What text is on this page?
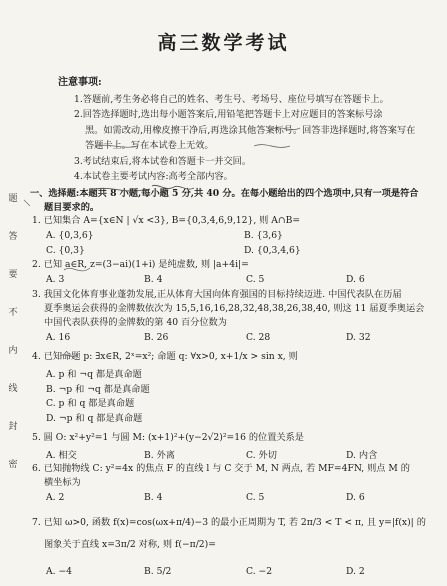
题
答
要
不
内
线
封
密
高三数学考试
注意事项:

1.答题前,考生务必将自己的姓名、考生号、考场号、座位号填写在答题卡上。

2.回答选择题时,选出每小题答案后,用铅笔把答题卡上对应题目的答案标号涂

黑。如需改动,用橡皮擦干净后,再选涂其他答案标号。回答非选择题时,将答案写在

答题卡上。写在本试卷上无效。

3.考试结束后,将本试卷和答题卡一并交回。

4.本试卷主要考试内容:高考全部内容。

一、选择题:本题共 8 小题,每小题 5 分,共 40 分。在每小题给出的四个选项中,只有一项是符合
题目要求的。
1. 已知集合 A={x∈N | √x <3}, B={0,3,4,6,9,12}, 则 A∩B=
A. {0,3,6}	B. {3,6}
C. {0,3}	D. {0,3,4,6}
2. 已知 a∈R, z=(3−ai)(1+i) 是纯虚数, 则 |a+4i|=
A. 3	B. 4	C. 5	D. 6
3. 我国文化体育事业蓬勃发展,正从体育大国向体育强国的目标持续迈进. 中国代表队在历届
夏季奥运会获得的金牌数依次为 15,5,16,16,28,32,48,38,26,38,40, 则这 11 届夏季奥运会
中国代表队获得的金牌数的第 40 百分位数为
A. 16	B. 26	C. 28	D. 32
4. 已知命题 p: ∃x∈R, 2ˣ=x²; 命题 q: ∀x>0, x+1/x > sin x, 则
A. p 和 ¬q 都是真命题
B. ¬p 和 ¬q 都是真命题
C. p 和 q 都是真命题
D. ¬p 和 q 都是真命题
5. 圆 O: x²+y²=1 与圆 M: (x+1)²+(y−2√2)²=16 的位置关系是
A. 相交	B. 外离	C. 外切	D. 内含
6. 已知抛物线 C: y²=4x 的焦点 F 的直线 l 与 C 交于 M, N 两点, 若 MF=4FN, 则点 M 的
横坐标为
A. 2	B. 4	C. 5	D. 6
7. 已知 ω>0, 函数 f(x)=cos(ωx+π/4)−3 的最小正周期为 T, 若 2π/3 < T < π, 且 y=|f(x)| 的
图象关于直线 x=3π/2 对称, 则 f(−π/2)=
A. −4	B. 5/2	C. −2	D. 2
